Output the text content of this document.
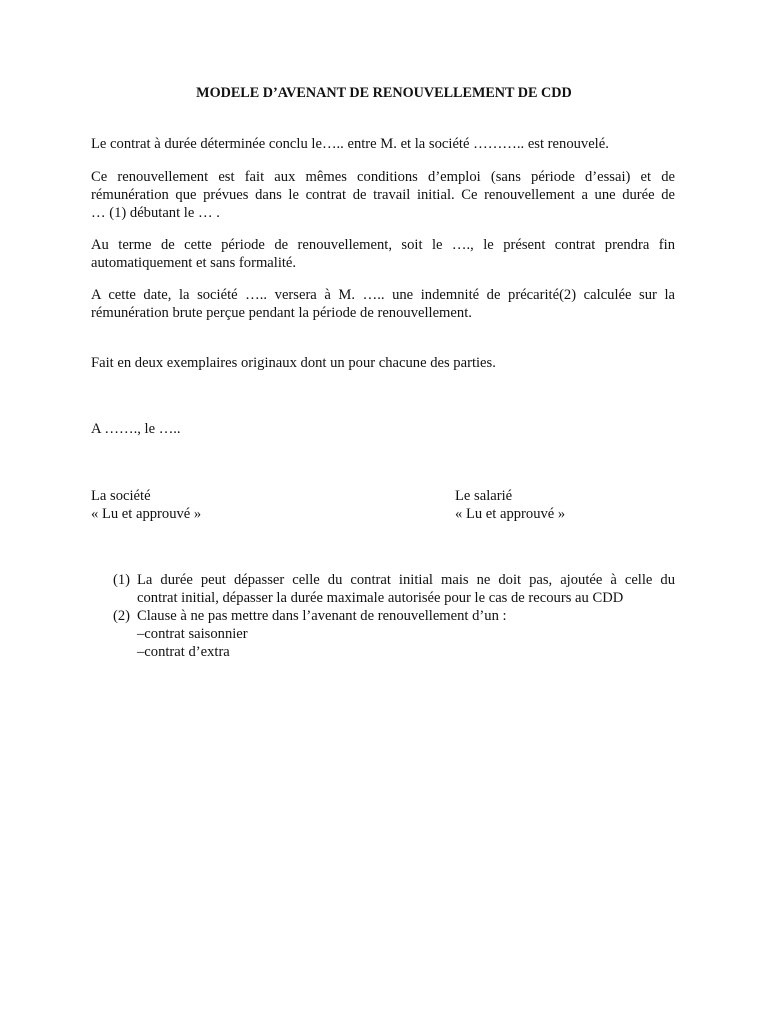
MODELE D’AVENANT DE RENOUVELLEMENT DE CDD
Le contrat à durée déterminée conclu le….. entre M. et la société ……….. est renouvelé.
Ce renouvellement est fait aux mêmes conditions d’emploi (sans période d’essai) et de
rémunération que prévues dans le contrat de travail initial. Ce renouvellement a une durée de
… (1) débutant le … .
Au terme de cette période de renouvellement, soit le …., le présent contrat prendra fin
automatiquement et sans formalité.
A cette date, la société ….. versera à M. ….. une indemnité de précarité(2) calculée sur la
rémunération brute perçue pendant la période de renouvellement.
Fait en deux exemplaires originaux dont un pour chacune des parties.
A ……., le …..
La société
« Lu et approuvé »
Le salarié
« Lu et approuvé »
(1) La durée peut dépasser celle du contrat initial mais ne doit pas, ajoutée à celle du
contrat initial, dépasser la durée maximale autorisée pour le cas de recours au CDD
(2) Clause à ne pas mettre dans l’avenant de renouvellement d’un :
–contrat saisonnier
–contrat d’extra
